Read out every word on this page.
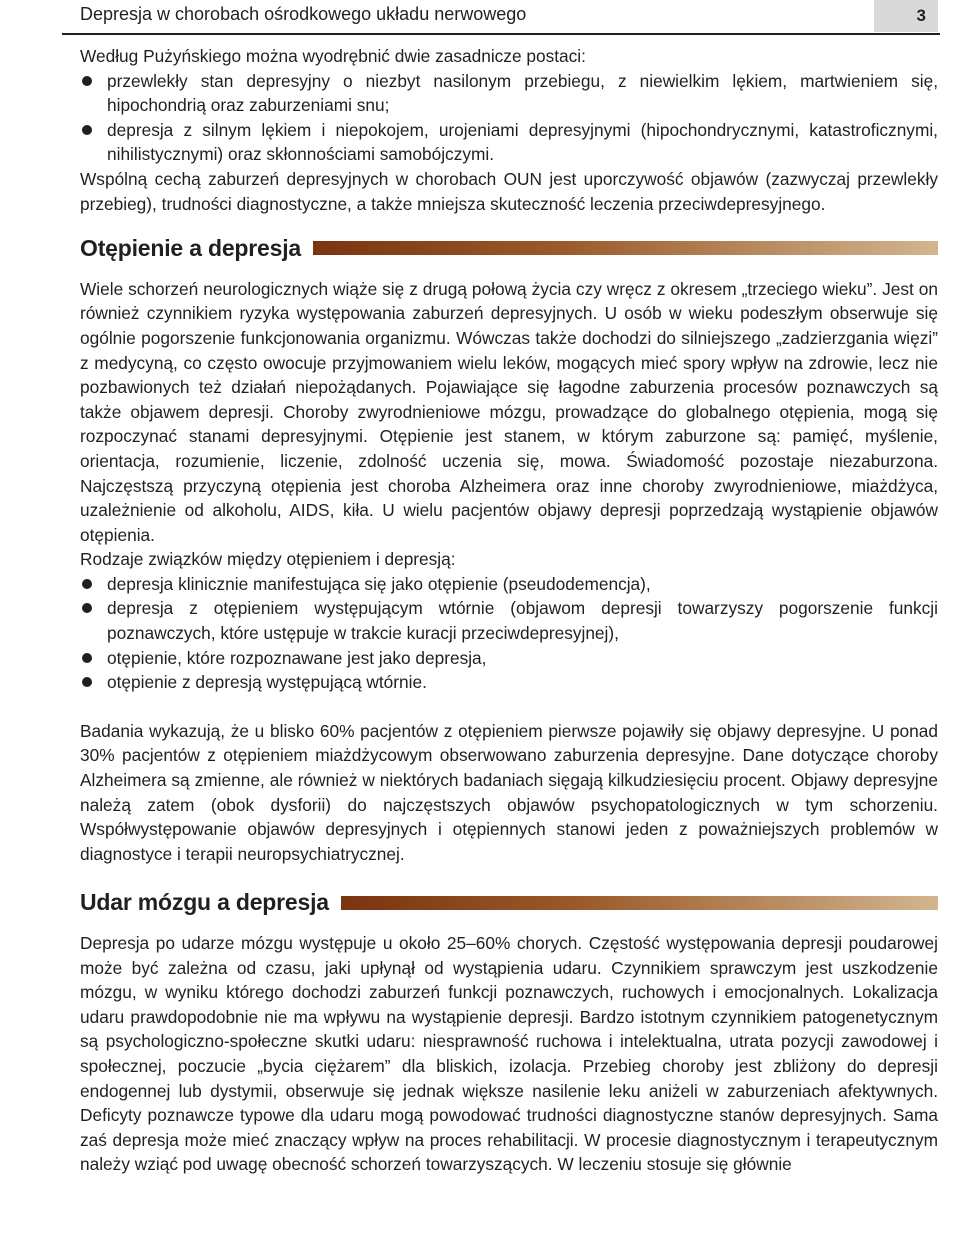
Depresja w chorobach ośrodkowego układu nerwowego	3

Według Pużyńskiego można wyodrębnić dwie zasadnicze postaci:

przewlekły stan depresyjny o niezbyt nasilonym przebiegu, z niewielkim lękiem, martwieniem się, hipochondrią oraz zaburzeniami snu;
depresja z silnym lękiem i niepokojem, urojeniami depresyjnymi (hipochondrycznymi, katastroficznymi, nihilistycznymi) oraz skłonnościami samobójczymi.

Wspólną cechą zaburzeń depresyjnych w chorobach OUN jest uporczywość objawów (zazwyczaj przewlekły przebieg), trudności diagnostyczne, a także mniejsza skuteczność leczenia przeciwdepresyjnego.

Otępienie a depresja

Wiele schorzeń neurologicznych wiąże się z drugą połową życia czy wręcz z okresem „trzeciego wieku”. Jest on również czynnikiem ryzyka występowania zaburzeń depresyjnych. U osób w wieku podeszłym obserwuje się ogólnie pogorszenie funkcjonowania organizmu. Wówczas także dochodzi do silniejszego „zadzierzgania więzi” z medycyną, co często owocuje przyjmowaniem wielu leków, mogących mieć spory wpływ na zdrowie, lecz nie pozbawionych też działań niepożądanych. Pojawiające się łagodne zaburzenia procesów poznawczych są także objawem depresji. Choroby zwyrodnieniowe mózgu, prowadzące do globalnego otępienia, mogą się rozpoczynać stanami depresyjnymi. Otępienie jest stanem, w którym zaburzone są: pamięć, myślenie, orientacja, rozumienie, liczenie, zdolność uczenia się, mowa. Świadomość pozostaje niezaburzona. Najczęstszą przyczyną otępienia jest choroba Alzheimera oraz inne choroby zwyrodnieniowe, miażdżyca, uzależnienie od alkoholu, AIDS, kiła. U wielu pacjentów objawy depresji poprzedzają wystąpienie objawów otępienia.

Rodzaje związków między otępieniem i depresją:

depresja klinicznie manifestująca się jako otępienie (pseudodemencja),
depresja z otępieniem występującym wtórnie (objawom depresji towarzyszy pogorszenie funkcji poznawczych, które ustępuje w trakcie kuracji przeciwdepresyjnej),
otępienie, które rozpoznawane jest jako depresja,
otępienie z depresją występującą wtórnie.

Badania wykazują, że u blisko 60% pacjentów z otępieniem pierwsze pojawiły się objawy depresyjne. U ponad 30% pacjentów z otępieniem miażdżycowym obserwowano zaburzenia depresyjne. Dane dotyczące choroby Alzheimera są zmienne, ale również w niektórych badaniach sięgają kilkudziesięciu procent. Objawy depresyjne należą zatem (obok dysforii) do najczęstszych objawów psychopatologicznych w tym schorzeniu. Współwystępowanie objawów depresyjnych i otępiennych stanowi jeden z poważniejszych problemów w diagnostyce i terapii neuropsychiatrycznej.

Udar mózgu a depresja

Depresja po udarze mózgu występuje u około 25–60% chorych. Częstość występowania depresji poudarowej może być zależna od czasu, jaki upłynął od wystąpienia udaru. Czynnikiem sprawczym jest uszkodzenie mózgu, w wyniku którego dochodzi zaburzeń funkcji poznawczych, ruchowych i emocjonalnych. Lokalizacja udaru prawdopodobnie nie ma wpływu na wystąpienie depresji. Bardzo istotnym czynnikiem patogenetycznym są psychologiczno-społeczne skutki udaru: niesprawność ruchowa i intelektualna, utrata pozycji zawodowej i społecznej, poczucie „bycia ciężarem” dla bliskich, izolacja. Przebieg choroby jest zbliżony do depresji endogennej lub dystymii, obserwuje się jednak większe nasilenie leku aniżeli w zaburzeniach afektywnych. Deficyty poznawcze typowe dla udaru mogą powodować trudności diagnostyczne stanów depresyjnych. Sama zaś depresja może mieć znaczący wpływ na proces rehabilitacji. W procesie diagnostycznym i terapeutycznym należy wziąć pod uwagę obecność schorzeń towarzyszących. W leczeniu stosuje się głównie
